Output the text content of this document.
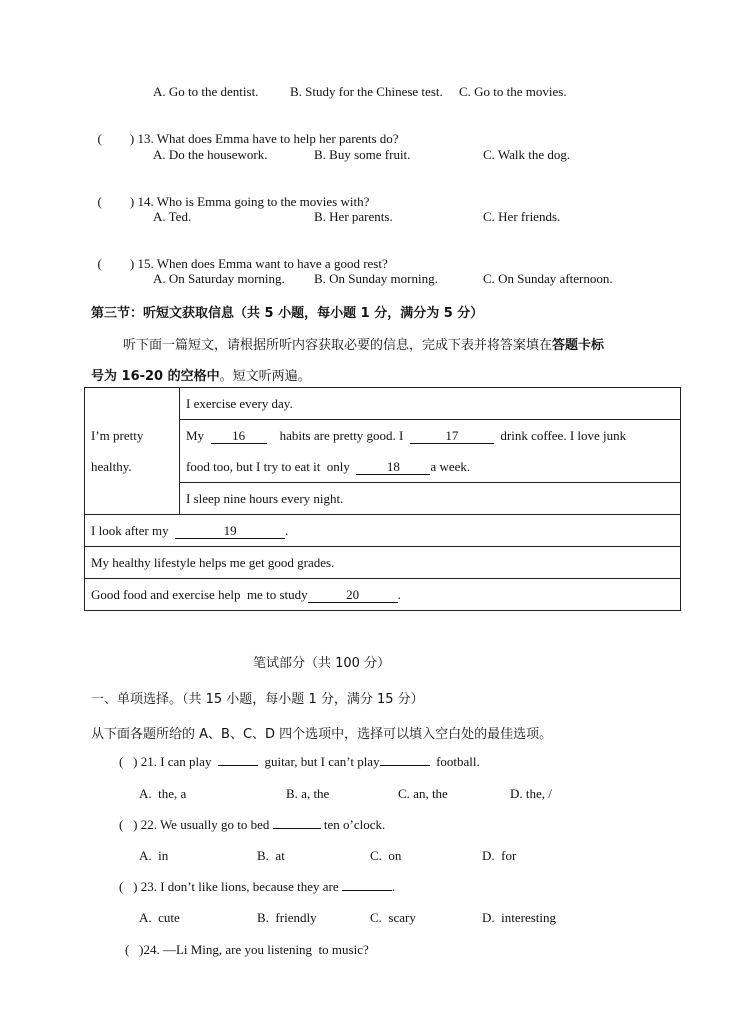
A. Go to the dentist. B. Study for the Chinese test. C. Go to the movies.

( ) 13. What does Emma have to help her parents do?

A. Do the housework.	B. Buy some fruit.	C. Walk the dog.

( ) 14. Who is Emma going to the movies with?

A. Ted.	B. Her parents.	C. Her friends.

( ) 15. When does Emma want to have a good rest?

A. On Saturday morning. B. On Sunday morning.	C. On Sunday afternoon.
第三节：听短文获取信息（共 5 小题，每小题 1 分，满分为 5 分）
听下面一篇短文，请根据所听内容获取必要的信息，完成下表并将答案填在答题卡标
号为 16-20 的空格中。短文听两遍。
I’m pretty
healthy.
	I exercise every day.

My 16	habits are pretty good. I	17	drink coffee. I love junk
food too, but I try to eat it  only	18 a week.

I sleep nine hours every night.
I look after my	19	.
My healthy lifestyle helps me get good grades.
Good food and exercise help  me to study	20	.
笔试部分（共 100 分）
一、单项选择。（共 15 小题，每小题 1 分，满分 15 分）
从下面各题所给的 A、B、C、D 四个选项中，选择可以填入空白处的最佳选项。
( ) 21. I can play	guitar, but I can’t play	football.
A.  the, a	B. a, the	C. an, the	D. the, /
( ) 22. We usually go to bed	ten o’clock.
A.  in	B.  at	C.  on	D.  for
( ) 23. I don’t like lions, because they are	.
A.  cute	B.  friendly	C.  scary	D.  interesting
( )24. —Li Ming, are you listening  to music?
